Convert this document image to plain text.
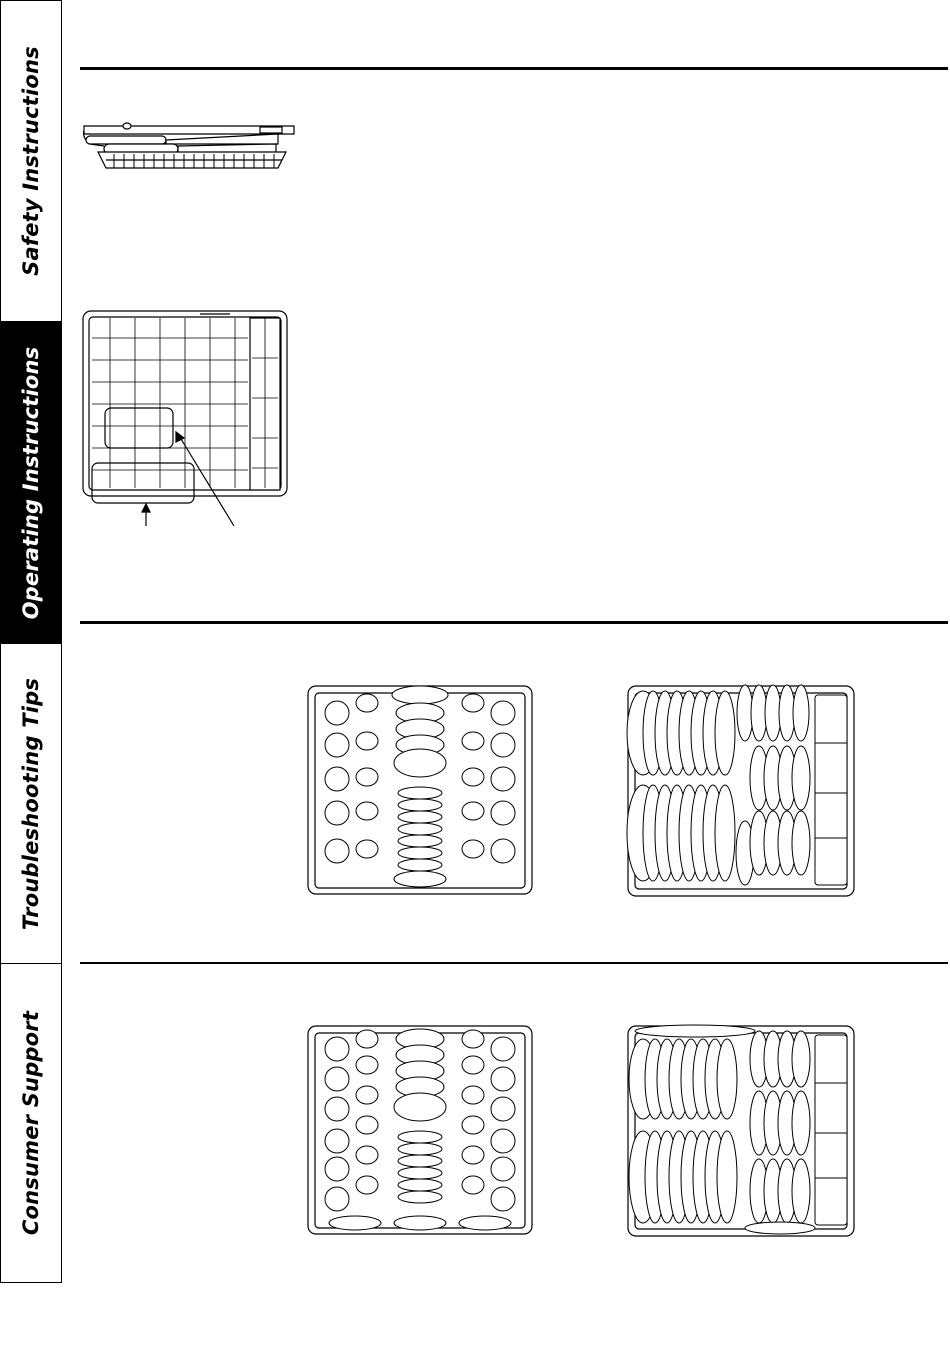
Safety Instructions
Operating Instructions
Troubleshooting Tips
Consumer Support
